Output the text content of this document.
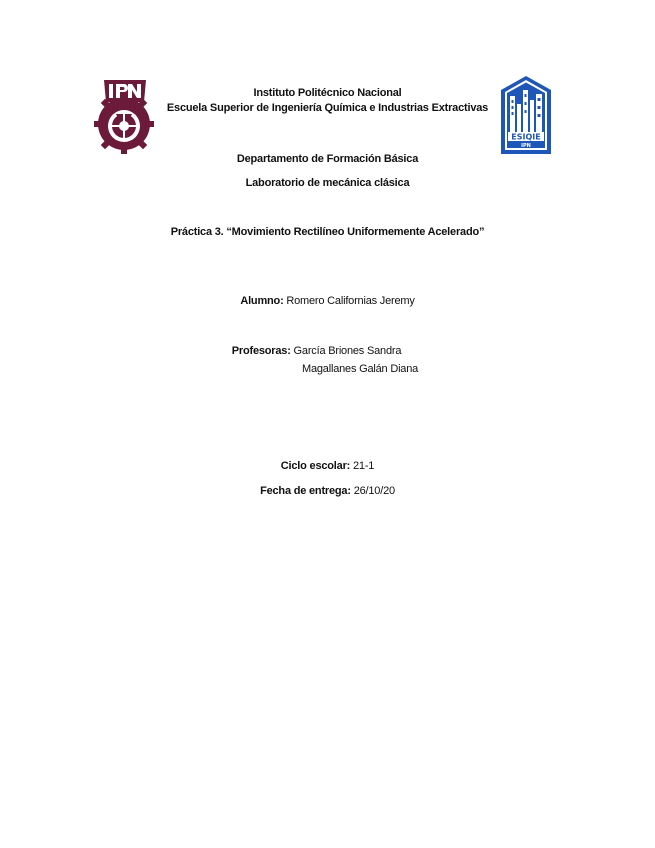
ESIQIE
IPN
Instituto Politécnico Nacional
Escuela Superior de Ingeniería Química e Industrias Extractivas
Departamento de Formación Básica
Laboratorio de mecánica clásica
Práctica 3. “Movimiento Rectilíneo Uniformemente Acelerado”
Alumno: Romero Californias Jeremy
Profesoras: García Briones Sandra
Magallanes Galán Diana
Ciclo escolar: 21-1
Fecha de entrega: 26/10/20
